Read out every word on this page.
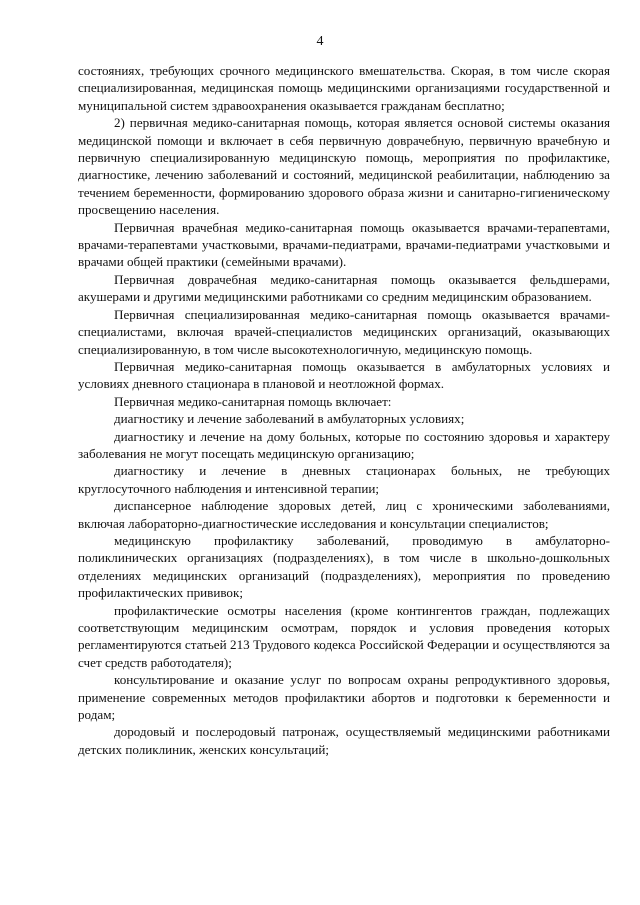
4

состояниях, требующих срочного медицинского вмешательства. Скорая, в том числе скорая специализированная, медицинская помощь медицинскими организациями государственной и муниципальной систем здравоохранения оказывается гражданам бесплатно;

2) первичная медико-санитарная помощь, которая является основой системы оказания медицинской помощи и включает в себя первичную доврачебную, первичную врачебную и первичную специализированную медицинскую помощь, мероприятия по профилактике, диагностике, лечению заболеваний и состояний, медицинской реабилитации, наблюдению за течением беременности, формированию здорового образа жизни и санитарно-гигиеническому просвещению населения.

Первичная врачебная медико-санитарная помощь оказывается врачами-терапевтами, врачами-терапевтами участковыми, врачами-педиатрами, врачами-педиатрами участковыми и врачами общей практики (семейными врачами).

Первичная доврачебная медико-санитарная помощь оказывается фельдшерами, акушерами и другими медицинскими работниками со средним медицинским образованием.

Первичная специализированная медико-санитарная помощь оказывается врачами-специалистами, включая врачей-специалистов медицинских организаций, оказывающих специализированную, в том числе высокотехнологичную, медицинскую помощь.

Первичная медико-санитарная помощь оказывается в амбулаторных условиях и условиях дневного стационара в плановой и неотложной формах.

Первичная медико-санитарная помощь включает:

диагностику и лечение заболеваний в амбулаторных условиях;

диагностику и лечение на дому больных, которые по состоянию здоровья и характеру заболевания не могут посещать медицинскую организацию;

диагностику и лечение в дневных стационарах больных, не требующих круглосуточного наблюдения и интенсивной терапии;

диспансерное наблюдение здоровых детей, лиц с хроническими заболеваниями, включая лабораторно-диагностические исследования и консультации специалистов;

медицинскую профилактику заболеваний, проводимую в амбулаторно-поликлинических организациях (подразделениях), в том числе в школьно-дошкольных отделениях медицинских организаций (подразделениях), мероприятия по проведению профилактических прививок;

профилактические осмотры населения (кроме контингентов граждан, подлежащих соответствующим медицинским осмотрам, порядок и условия проведения которых регламентируются статьей 213 Трудового кодекса Российской Федерации и осуществляются за счет средств работодателя);

консультирование и оказание услуг по вопросам охраны репродуктивного здоровья, применение современных методов профилактики абортов и подготовки к беременности и родам;

дородовый и послеродовый патронаж, осуществляемый медицинскими работниками детских поликлиник, женских консультаций;
